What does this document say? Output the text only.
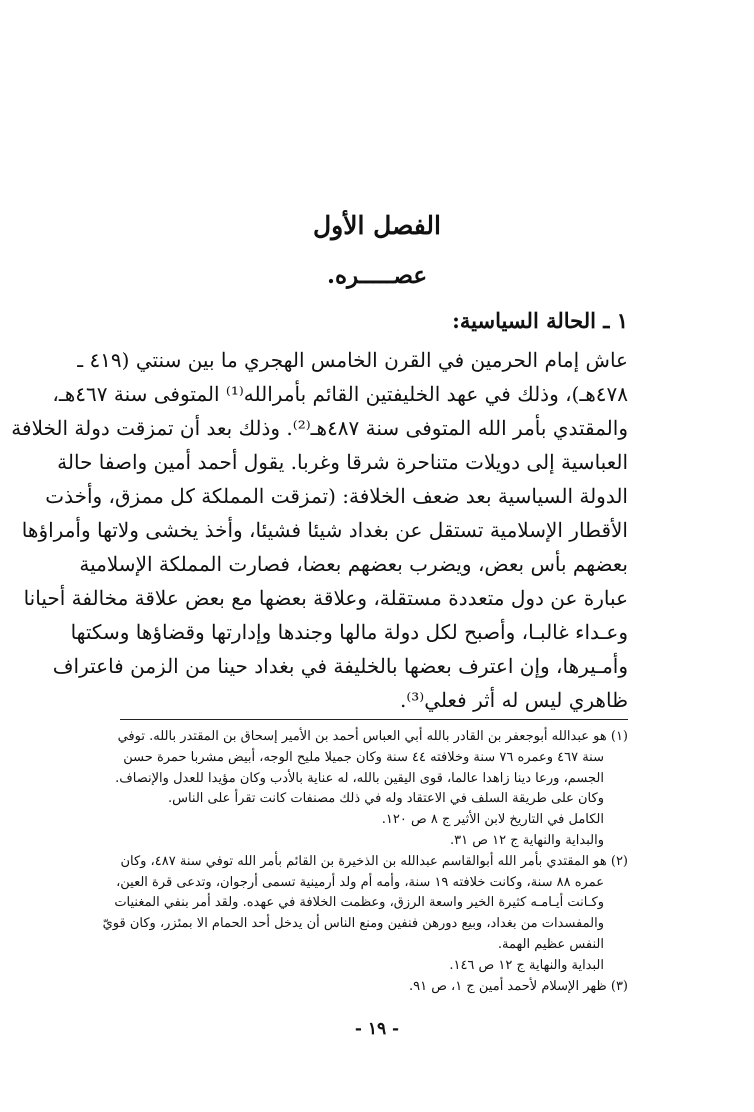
الفصل الأول
عصـــــره.
١ ـ الحالة السياسية:

عاش إمام الحرمين في القرن الخامس الهجري ما بين سنتي (٤١٩ ـ
٤٧٨هـ)، وذلك في عهد الخليفتين القائم بأمرالله⁽¹⁾ المتوفى سنة ٤٦٧هـ،
والمقتدي بأمر الله المتوفى سنة ٤٨٧هـ⁽²⁾. وذلك بعد أن تمزقت دولة الخلافة
العباسية إلى دويلات متناحرة شرقا وغربا. يقول أحمد أمين واصفا حالة
الدولة السياسية بعد ضعف الخلافة: (تمزقت المملكة كل ممزق، وأخذت
الأقطار الإسلامية تستقل عن بغداد شيئا فشيئا، وأخذ يخشى ولاتها وأمراؤها
بعضهم بأس بعض، ويضرب بعضهم بعضا، فصارت المملكة الإسلامية
عبارة عن دول متعددة مستقلة، وعلاقة بعضها مع بعض علاقة مخالفة أحيانا
وعـداء غالبـا، وأصبح لكل دولة مالها وجندها وإدارتها وقضاؤها وسكتها
وأمـيرها، وإن اعترف بعضها بالخليفة في بغداد حينا من الزمن فاعتراف
ظاهري ليس له أثر فعلي⁽³⁾.

(١) هو عبدالله أبوجعفر بن القادر بالله أبي العباس أحمد بن الأمير إسحاق بن المقتدر بالله. توفي
سنة ٤٦٧ وعمره ٧٦ سنة وخلافته ٤٤ سنة وكان جميلا مليح الوجه، أبيض مشربا حمرة حسن
الجسم، ورعا دينا زاهدا عالما، قوى اليقين بالله، له عناية بالأدب وكان مؤيدا للعدل والإنصاف.
وكان على طريقة السلف في الاعتقاد وله في ذلك مصنفات كانت تقرأ على الناس.
الكامل في التاريخ لابن الأثير ج ٨ ص ١٢٠.
والبداية والنهاية ج ١٢ ص ٣١.
(٢) هو المقتدي بأمر الله أبوالقاسم عبدالله بن الذخيرة بن القائم بأمر الله توفي سنة ٤٨٧، وكان
عمره ٨٨ سنة، وكانت خلافته ١٩ سنة، وأمه أم ولد أرمينية تسمى أرجوان، وتدعى قرة العين،
وكـانت أيـامـه كثيرة الخير واسعة الرزق، وعظمت الخلافة في عهده. ولقد أمر بنفي المغنيات
والمفسدات من بغداد، وبيع دورهن فنفين ومنع الناس أن يدخل أحد الحمام الا بمئزر، وكان قويّ
النفس عظيم الهمة.
البداية والنهاية ج ١٢ ص ١٤٦.
(٣) ظهر الإسلام لأحمد أمين ج ١، ص ٩١.
- ١٩ -
